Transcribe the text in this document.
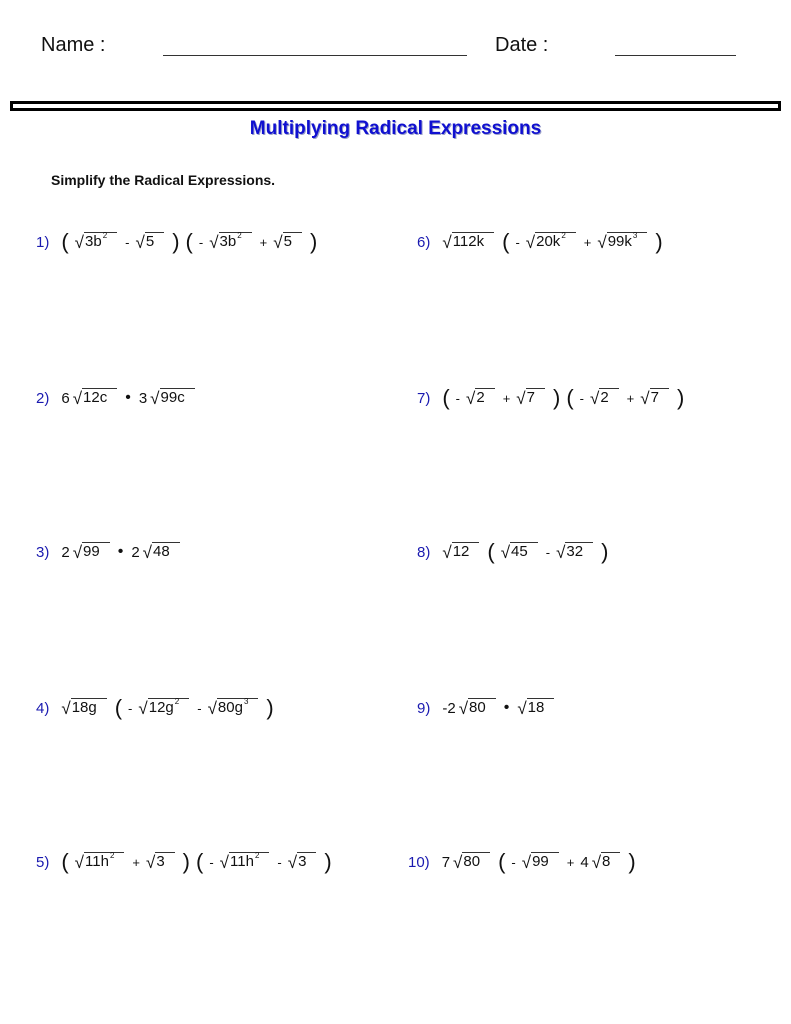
Name :	Date :
Multiplying Radical Expressions
Simplify the Radical Expressions.
1) ( √ $3b^2$	- √ 5 ) ( - √ $3b^2$	+ √ 5 )
2) 6 √ 12c	• 3 √ 99c
3) 2 √ 99	• 2 √ 48
4) √ 18g ( - √ $12g^2$	- √ $80g^3$ )
5) ( √ $11h^2$	+ √ 3 ) ( - √ $11h^2$	- √ 3 )
6) √ 112k ( - √ $20k^2$	+ √ $99k^3$ )
7) ( - √ 2	+ √ 7 ) ( - √ 2	+ √ 7 )
8) √ 12 ( √ 45	- √ 32 )
9) -2 √ 80	• √ 18
10) 7 √ 80 ( - √ 99	+ 4 √ 8 )
